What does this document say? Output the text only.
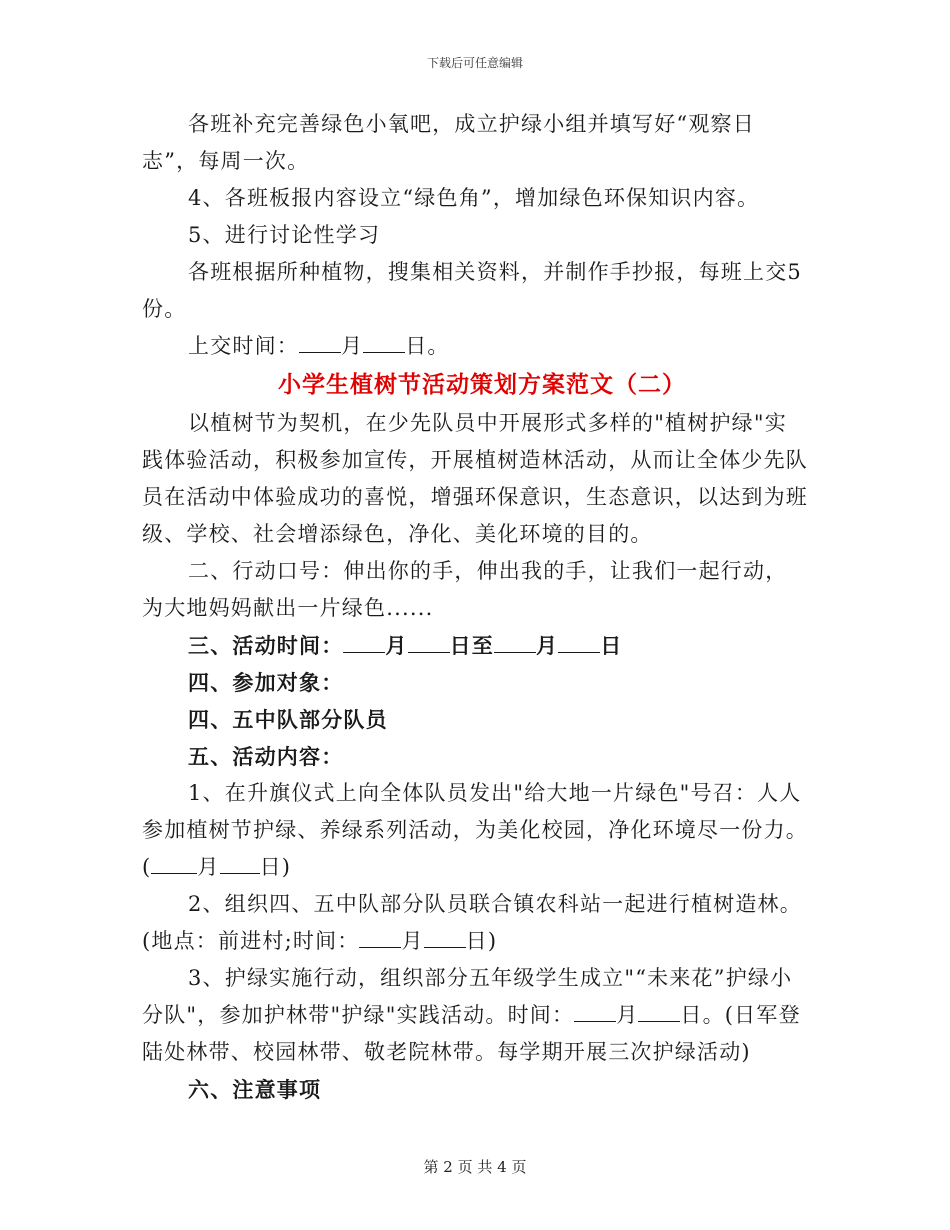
下载后可任意编辑

各班补充完善绿色小氧吧，成立护绿小组并填写好“观察日志”，每周一次。

4、各班板报内容设立“绿色角”，增加绿色环保知识内容。

5、进行讨论性学习

各班根据所种植物，搜集相关资料，并制作手抄报，每班上交5份。

上交时间： 月 日。

小学生植树节活动策划方案范文（二）

以植树节为契机，在少先队员中开展形式多样的"植树护绿"实践体验活动，积极参加宣传，开展植树造林活动，从而让全体少先队员在活动中体验成功的喜悦，增强环保意识，生态意识，以达到为班级、学校、社会增添绿色，净化、美化环境的目的。

二、行动口号：伸出你的手，伸出我的手，让我们一起行动，为大地妈妈献出一片绿色......

三、活动时间： 月 日至 月 日

四、参加对象：

四、五中队部分队员

五、活动内容：

1、在升旗仪式上向全体队员发出"给大地一片绿色"号召：人人参加植树节护绿、养绿系列活动，为美化校园，净化环境尽一份力。( 月 日)

2、组织四、五中队部分队员联合镇农科站一起进行植树造林。(地点：前进村;时间： 月 日)

3、护绿实施行动，组织部分五年级学生成立"“未来花”护绿小分队"，参加护林带"护绿"实践活动。时间： 月 日。(日军登陆处林带、校园林带、敬老院林带。每学期开展三次护绿活动)

六、注意事项

第 2 页 共 4 页
